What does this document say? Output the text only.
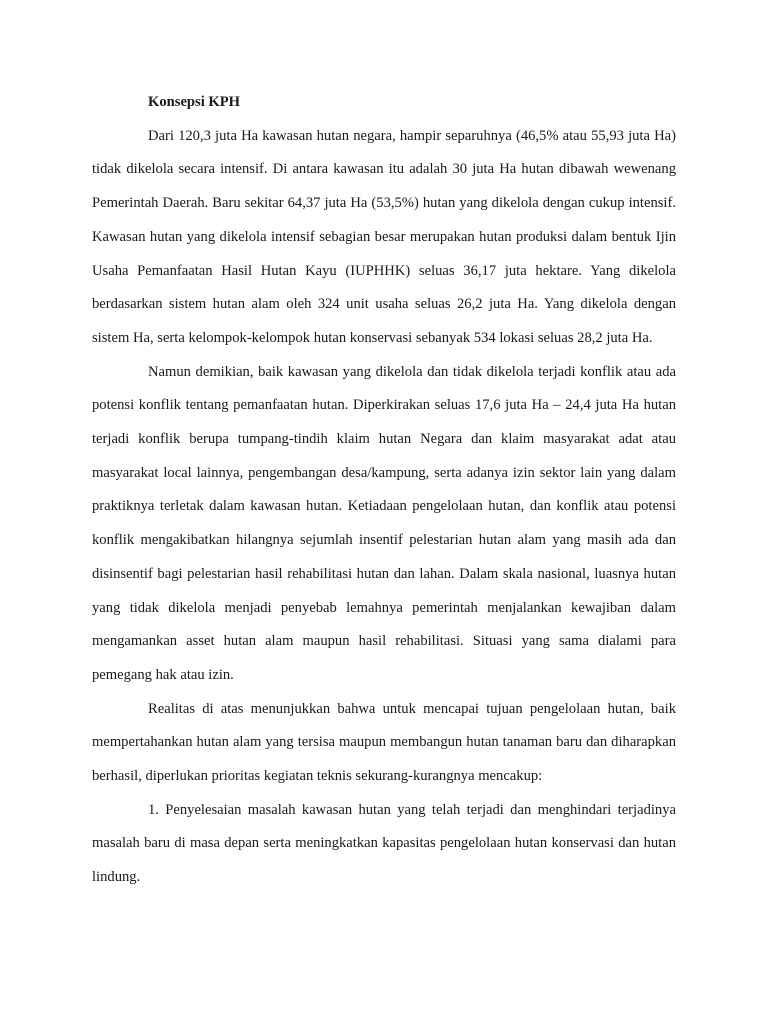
Konsepsi KPH

Dari 120,3 juta Ha kawasan hutan negara, hampir separuhnya (46,5% atau 55,93 juta Ha) tidak dikelola secara intensif. Di antara kawasan itu adalah 30 juta Ha hutan dibawah wewenang Pemerintah Daerah. Baru sekitar 64,37 juta Ha (53,5%) hutan yang dikelola dengan cukup intensif. Kawasan hutan yang dikelola intensif sebagian besar merupakan hutan produksi dalam bentuk Ijin Usaha Pemanfaatan Hasil Hutan Kayu (IUPHHK) seluas 36,17 juta hektare. Yang dikelola berdasarkan sistem hutan alam oleh 324 unit usaha seluas 26,2 juta Ha. Yang dikelola dengan sistem Ha, serta kelompok-kelompok hutan konservasi sebanyak 534 lokasi seluas 28,2 juta Ha.

Namun demikian, baik kawasan yang dikelola dan tidak dikelola terjadi konflik atau ada potensi konflik tentang pemanfaatan hutan. Diperkirakan seluas 17,6 juta Ha – 24,4 juta Ha hutan terjadi konflik berupa tumpang-tindih klaim hutan Negara dan klaim masyarakat adat atau masyarakat local lainnya, pengembangan desa/kampung, serta adanya izin sektor lain yang dalam praktiknya terletak dalam kawasan hutan. Ketiadaan pengelolaan hutan, dan konflik atau potensi konflik mengakibatkan hilangnya sejumlah insentif pelestarian hutan alam yang masih ada dan disinsentif bagi pelestarian hasil rehabilitasi hutan dan lahan. Dalam skala nasional, luasnya hutan yang tidak dikelola menjadi penyebab lemahnya pemerintah menjalankan kewajiban dalam mengamankan asset hutan alam maupun hasil rehabilitasi. Situasi yang sama dialami para pemegang hak atau izin.

Realitas di atas menunjukkan bahwa untuk mencapai tujuan pengelolaan hutan, baik mempertahankan hutan alam yang tersisa maupun membangun hutan tanaman baru dan diharapkan berhasil, diperlukan prioritas kegiatan teknis sekurang-kurangnya mencakup:

1. Penyelesaian masalah kawasan hutan yang telah terjadi dan menghindari terjadinya masalah baru di masa depan serta meningkatkan kapasitas pengelolaan hutan konservasi dan hutan lindung.
